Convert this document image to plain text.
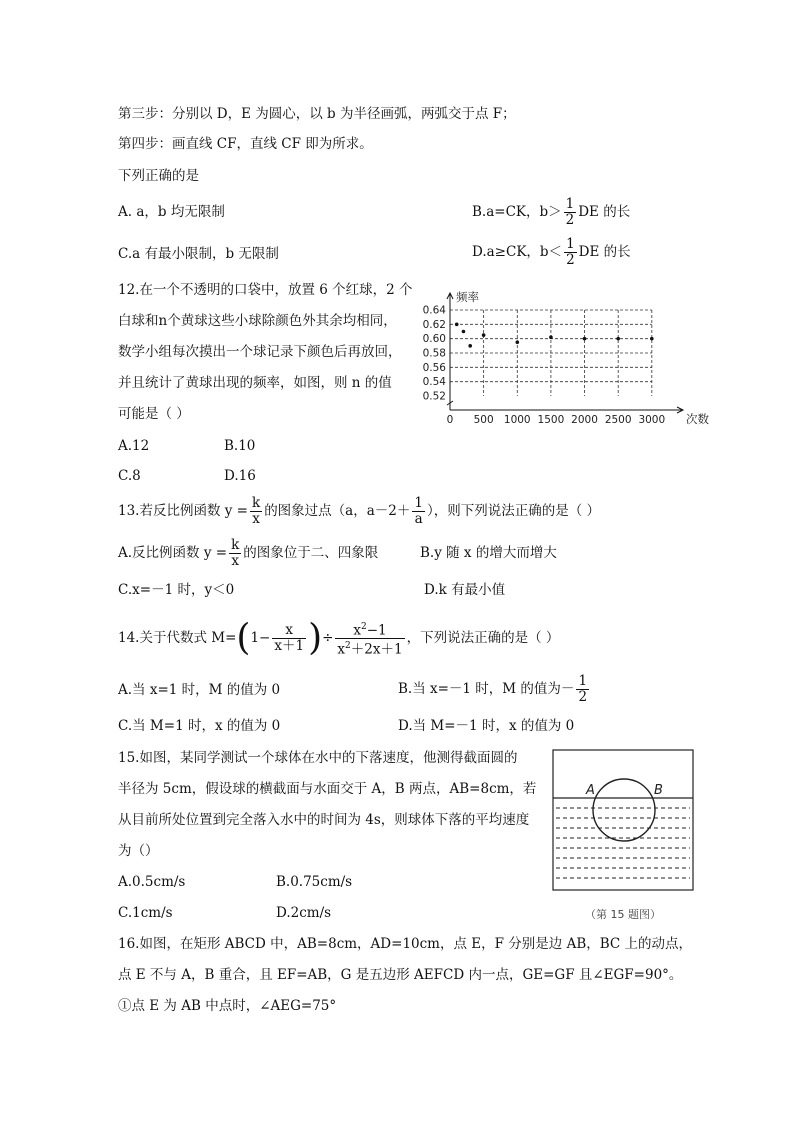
第三步：分别以 D，E 为圆心，以 b 为半径画弧，两弧交于点 F；
第四步：画直线 CF，直线 CF 即为所求。
下列正确的是
A. a，b 均无限制	B.a=CK，$b> \frac{1}{2}$ DE 的长
C.a 有最小限制，b 无限制	D.a≥CK，$b< \frac{1}{2}$ DE 的长
12.在一个不透明的口袋中，放置 6 个红球，2 个
白球和n个黄球这些小球除颜色外其余均相同，
数学小组每次摸出一个球记录下颜色后再放回，
并且统计了黄球出现的频率，如图，则 n 的值
可能是（ ）
A.12	B.10
C.8	D.16
0.52
0.54
0.56
0.58
0.60
0.62
0.64
0 500 1000 1500 2000 2500 3000
频率
次数
13.若反比例函数 $y = \frac{k}{x}$ 的图象过点（a，$a-2+ \frac{1}{a}$ ），则下列说法正确的是（ ）
A.反比例函数 $y = \frac{k}{x}$ 的图象位于二、四象限	B.y 随 x 的增大而增大
C.x=－1 时，y＜0	D.k 有最小值
14.关于代数式 $M=(1- \frac{x}{x+1}$ )÷ $\frac{x^2-1}{x^2+2x+1}$ ，下列说法正确的是（ ）
A.当 x=1 时，M 的值为 0	B.当 x=－1 时，M 的值为－ $\frac{1}{2}$
C.当 M=1 时，x 的值为 0	D.当 M=－1 时，x 的值为 0
15.如图，某同学测试一个球体在水中的下落速度，他测得截面圆的
半径为 5cm，假设球的横截面与水面交于 A，B 两点，AB=8cm，若
从目前所处位置到完全落入水中的时间为 4s，则球体下落的平均速度
为（）
A.0.5cm/s	B.0.75cm/s
C.1cm/s	D.2cm/s
A	B
（第 15 题图）
16.如图，在矩形 ABCD 中，AB=8cm，AD=10cm，点 E，F 分别是边 AB，BC 上的动点，
点 E 不与 A，B 重合，且 EF=AB，G 是五边形 AEFCD 内一点，GE=GF 且∠EGF=90°。
①点 E 为 AB 中点时，∠AEG=75°
